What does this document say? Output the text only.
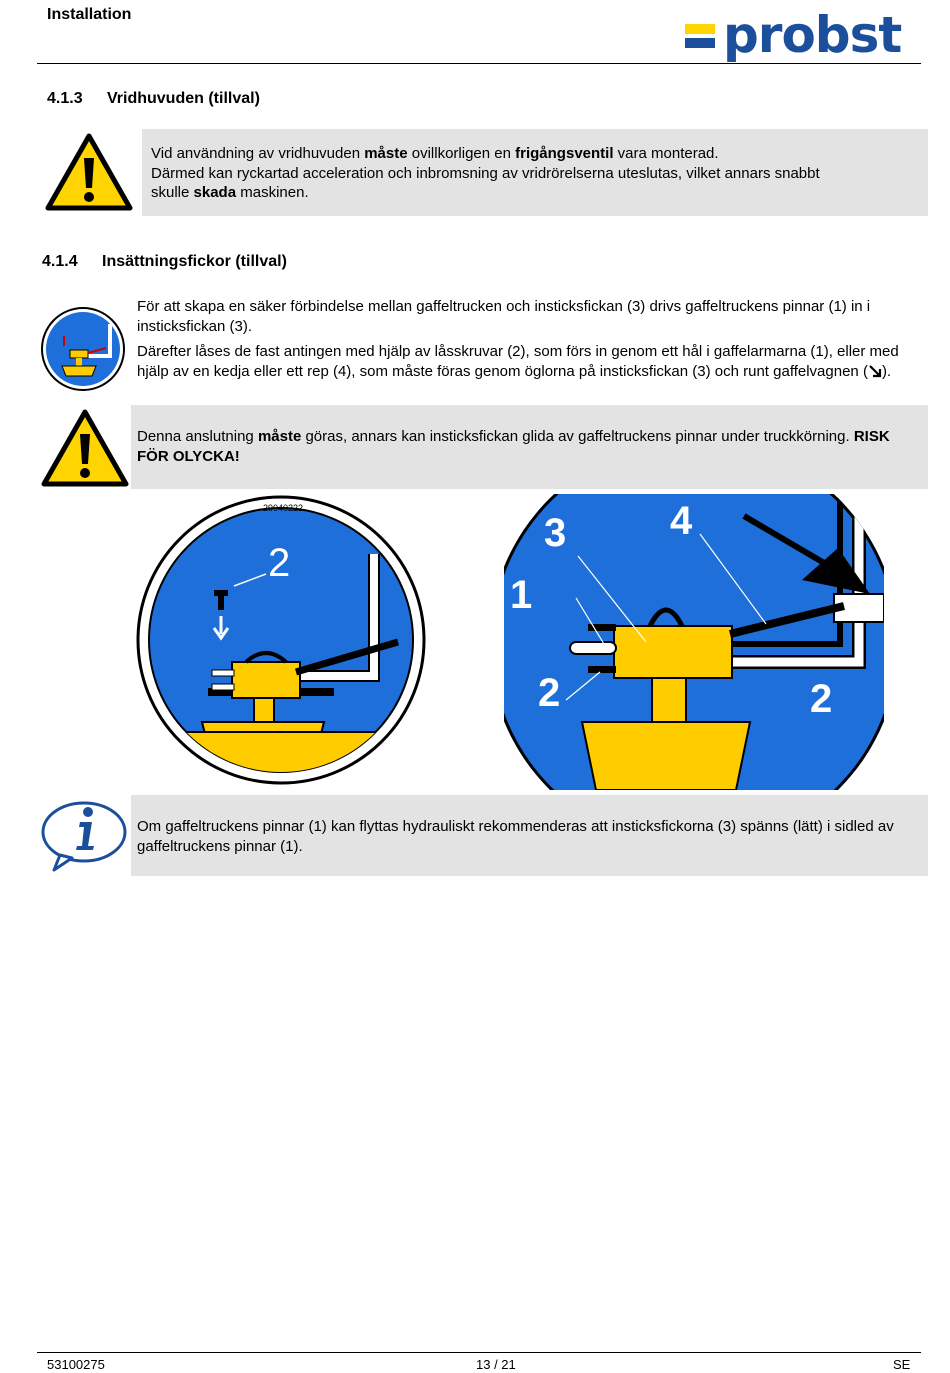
Installation	probst
4.1.3 Vridhuvuden (tillval)
Vid användning av vridhuvuden måste ovillkorligen en frigångsventil vara monterad.
Därmed kan ryckartad acceleration och inbromsning av vridrörelserna uteslutas, vilket annars snabbt
skulle skada maskinen.
4.1.4 Insättningsfickor (tillval)
För att skapa en säker förbindelse mellan gaffeltrucken och insticksfickan (3) drivs gaffeltruckens pinnar (1) in i insticksfickan (3).
Därefter låses de fast antingen med hjälp av låsskruvar (2), som förs in genom ett hål i gaffelarmarna (1), eller med hjälp av en kedja eller ett rep (4), som måste föras genom öglorna på insticksfickan (3) och runt gaffelvagnen ( ).
Denna anslutning måste göras, annars kan insticksfickan glida av gaffeltruckens pinnar under truckkörning. RISK FÖR OLYCKA!
29040222
2
3	4
1
2	2
Om gaffeltruckens pinnar (1) kan flyttas hydrauliskt rekommenderas att insticksfickorna (3) spänns (lätt) i sidled av gaffeltruckens pinnar (1).
53100275	13 / 21	SE
